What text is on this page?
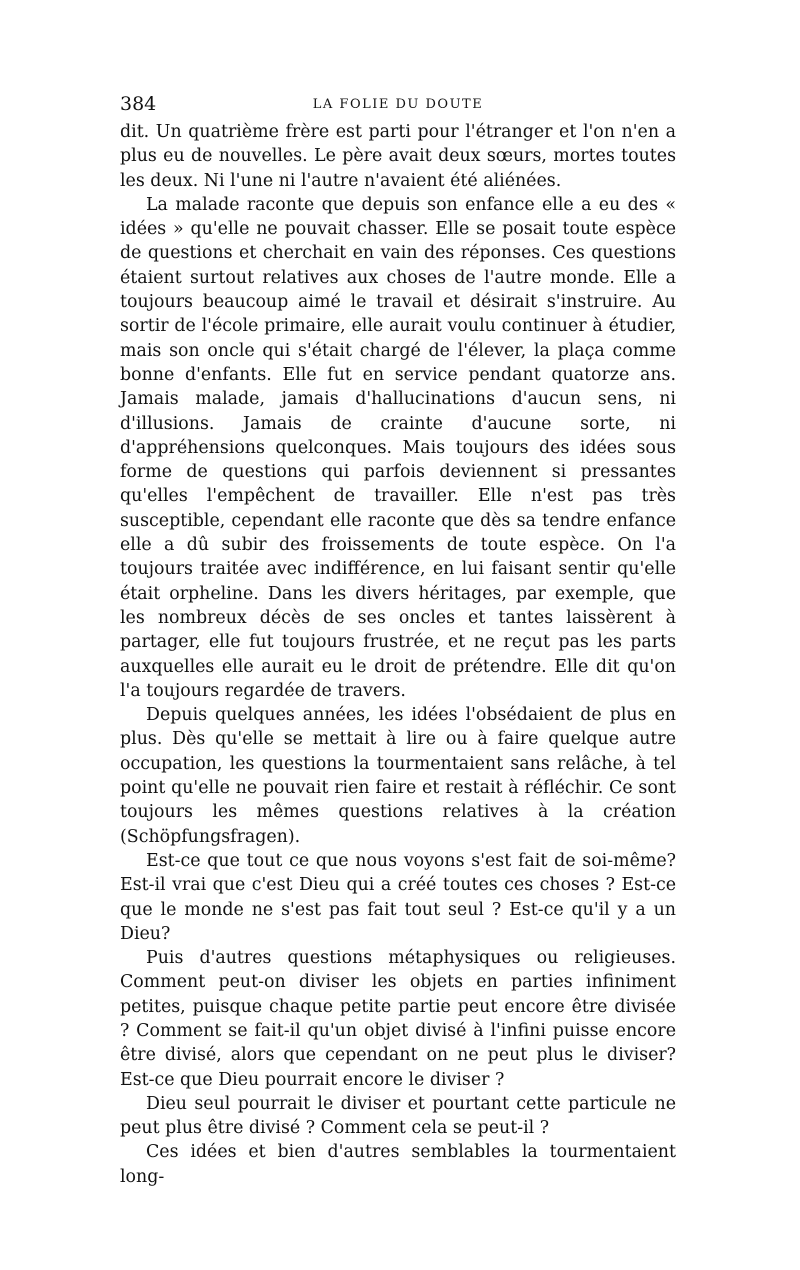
384	LA FOLIE DU DOUTE

dit. Un quatrième frère est parti pour l'étranger et l'on n'en a plus eu de nouvelles. Le père avait deux sœurs, mortes toutes les deux. Ni l'une ni l'autre n'avaient été aliénées.

La malade raconte que depuis son enfance elle a eu des « idées » qu'elle ne pouvait chasser. Elle se posait toute espèce de questions et cherchait en vain des réponses. Ces questions étaient surtout relatives aux choses de l'autre monde. Elle a toujours beaucoup aimé le travail et désirait s'instruire. Au sortir de l'école primaire, elle aurait voulu continuer à étudier, mais son oncle qui s'était chargé de l'élever, la plaça comme bonne d'enfants. Elle fut en service pendant quatorze ans. Jamais malade, jamais d'hallucinations d'aucun sens, ni d'illusions. Jamais de crainte d'aucune sorte, ni d'appréhensions quelconques. Mais toujours des idées sous forme de questions qui parfois deviennent si pressantes qu'elles l'empêchent de travailler. Elle n'est pas très susceptible, cependant elle raconte que dès sa tendre enfance elle a dû subir des froissements de toute espèce. On l'a toujours traitée avec indifférence, en lui faisant sentir qu'elle était orpheline. Dans les divers héritages, par exemple, que les nombreux décès de ses oncles et tantes laissèrent à partager, elle fut toujours frustrée, et ne reçut pas les parts auxquelles elle aurait eu le droit de prétendre. Elle dit qu'on l'a toujours regardée de travers.

Depuis quelques années, les idées l'obsédaient de plus en plus. Dès qu'elle se mettait à lire ou à faire quelque autre occupation, les questions la tourmentaient sans relâche, à tel point qu'elle ne pouvait rien faire et restait à réfléchir. Ce sont toujours les mêmes questions relatives à la création (Schöpfungsfragen).

Est-ce que tout ce que nous voyons s'est fait de soi-même? Est-il vrai que c'est Dieu qui a créé toutes ces choses ? Est-ce que le monde ne s'est pas fait tout seul ? Est-ce qu'il y a un Dieu?

Puis d'autres questions métaphysiques ou religieuses. Comment peut-on diviser les objets en parties infiniment petites, puisque chaque petite partie peut encore être divisée ? Comment se fait-il qu'un objet divisé à l'infini puisse encore être divisé, alors que cependant on ne peut plus le diviser? Est-ce que Dieu pourrait encore le diviser ?

Dieu seul pourrait le diviser et pourtant cette particule ne peut plus être divisé ? Comment cela se peut-il ?

Ces idées et bien d'autres semblables la tourmentaient long-
